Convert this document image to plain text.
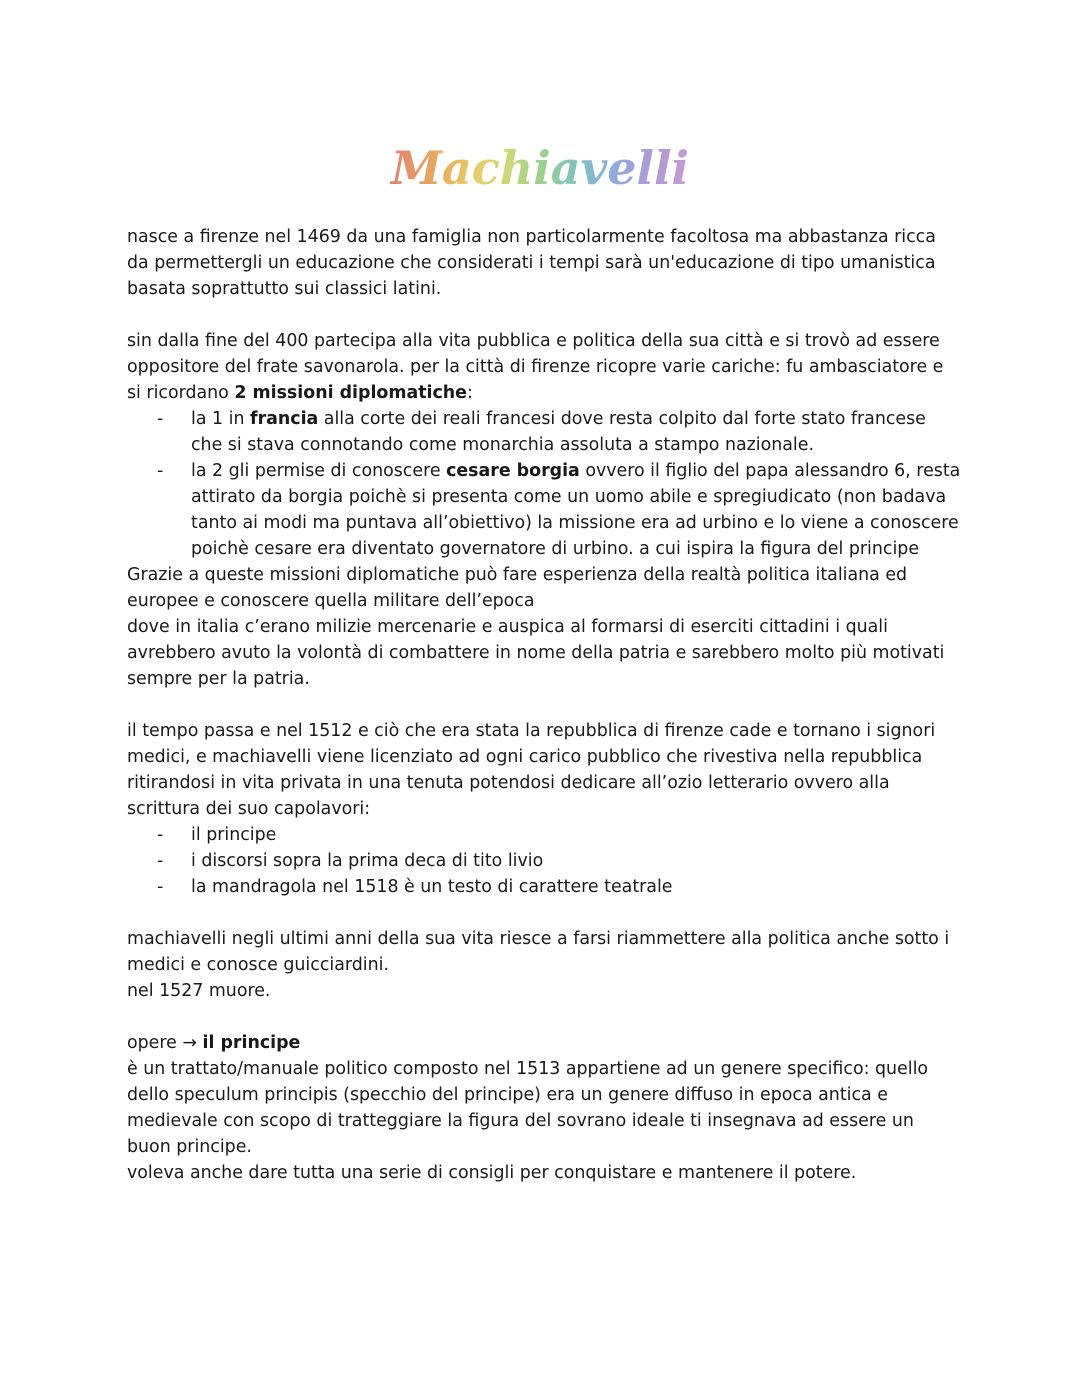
Machiavelli

nasce a firenze nel 1469 da una famiglia non particolarmente facoltosa ma abbastanza ricca da permettergli un educazione che considerati i tempi sarà un'educazione di tipo umanistica basata soprattutto sui classici latini.

sin dalla fine del 400 partecipa alla vita pubblica e politica della sua città e si trovò ad essere oppositore del frate savonarola. per la città di firenze ricopre varie cariche: fu ambasciatore e si ricordano 2 missioni diplomatiche:

- la 1 in francia alla corte dei reali francesi dove resta colpito dal forte stato francese che si stava connotando come monarchia assoluta a stampo nazionale.
- la 2 gli permise di conoscere cesare borgia ovvero il figlio del papa alessandro 6, resta attirato da borgia poichè si presenta come un uomo abile e spregiudicato (non badava tanto ai modi ma puntava all’obiettivo) la missione era ad urbino e lo viene a conoscere poichè cesare era diventato governatore di urbino. a cui ispira la figura del principe

Grazie a queste missioni diplomatiche può fare esperienza della realtà politica italiana ed europee e conoscere quella militare dell’epoca

dove in italia c’erano milizie mercenarie e auspica al formarsi di eserciti cittadini i quali avrebbero avuto la volontà di combattere in nome della patria e sarebbero molto più motivati sempre per la patria.

il tempo passa e nel 1512 e ciò che era stata la repubblica di firenze cade e tornano i signori medici, e machiavelli viene licenziato ad ogni carico pubblico che rivestiva nella repubblica ritirandosi in vita privata in una tenuta potendosi dedicare all’ozio letterario ovvero alla scrittura dei suo capolavori:

- il principe
- i discorsi sopra la prima deca di tito livio
- la mandragola nel 1518 è un testo di carattere teatrale

machiavelli negli ultimi anni della sua vita riesce a farsi riammettere alla politica anche sotto i medici e conosce guicciardini.

nel 1527 muore.

opere → il principe

è un trattato/manuale politico composto nel 1513 appartiene ad un genere specifico: quello dello speculum principis (specchio del principe) era un genere diffuso in epoca antica e medievale con scopo di tratteggiare la figura del sovrano ideale ti insegnava ad essere un buon principe.

voleva anche dare tutta una serie di consigli per conquistare e mantenere il potere.
